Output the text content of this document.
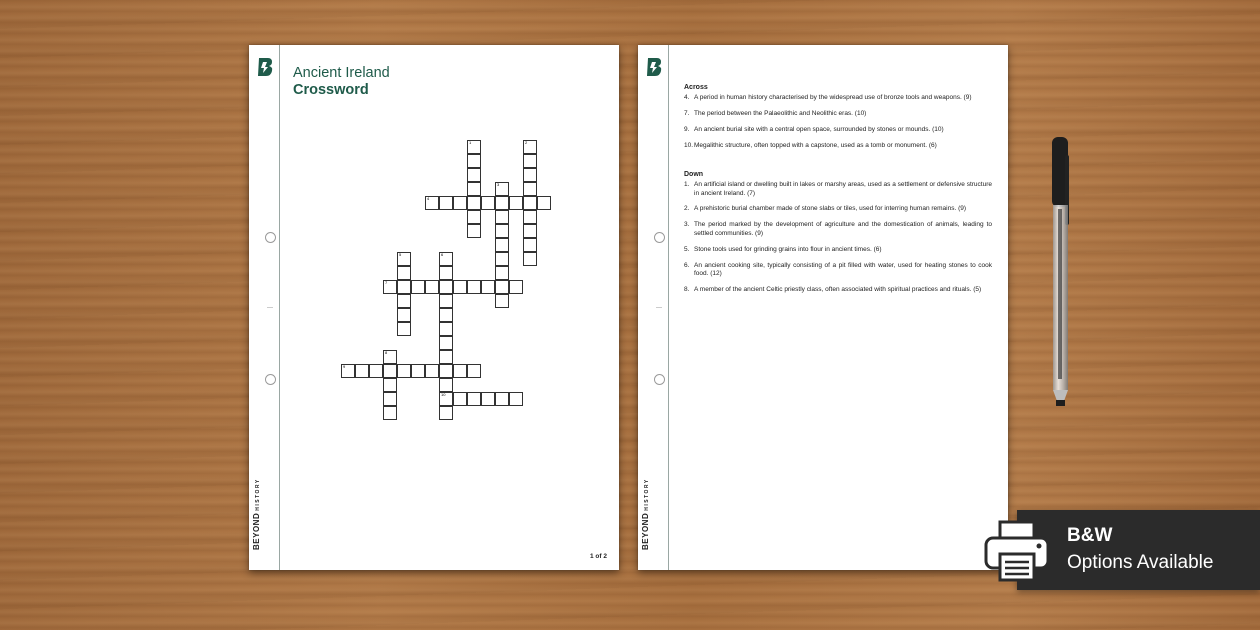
BEYONDHISTORY
Ancient Ireland
Crossword
1	2
3
4
5	6
10
7
8
9
1 of 2
BEYONDHISTORY
Across
4. A period in human history characterised by the widespread use of bronze tools and weapons. (9)
7. The period between the Palaeolithic and Neolithic eras. (10)
9. An ancient burial site with a central open space, surrounded by stones or mounds. (10)
10. Megalithic structure, often topped with a capstone, used as a tomb or monument. (6)
Down
1. An artificial island or dwelling built in lakes or marshy areas, used as a settlement or defensive structure in ancient Ireland. (7)
2. A prehistoric burial chamber made of stone slabs or tiles, used for interring human remains. (9)
3. The period marked by the development of agriculture and the domestication of animals, leading to settled communities. (9)
5. Stone tools used for grinding grains into flour in ancient times. (6)
6. An ancient cooking site, typically consisting of a pit filled with water, used for heating stones to cook food. (12)
8. A member of the ancient Celtic priestly class, often associated with spiritual practices and rituals. (5)
B&W
Options Available
